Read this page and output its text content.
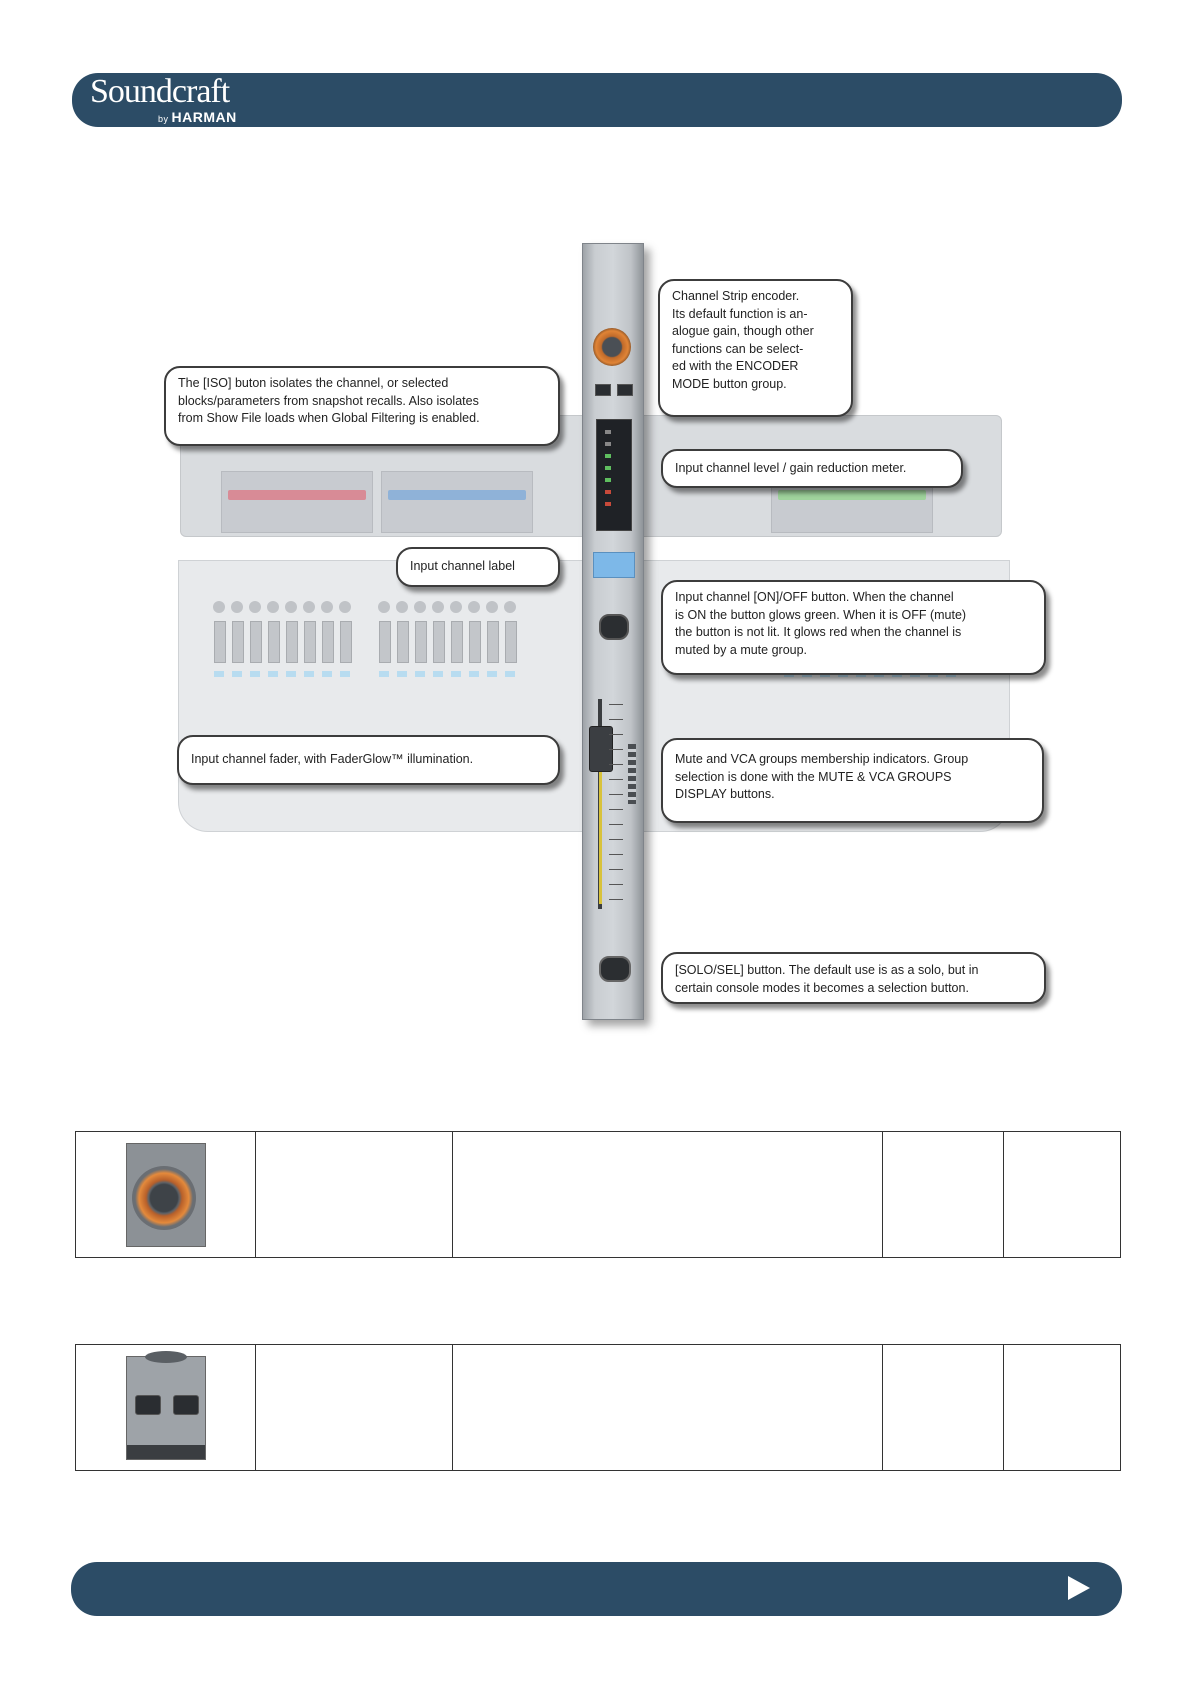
Soundcraft
by HARMAN
Channel Strip encoder.
Its default function is an-
alogue gain, though other
functions can be select-
ed with the ENCODER
MODE button group.
The [ISO] buton isolates the channel, or selected
blocks/parameters from snapshot recalls. Also isolates
from Show File loads when Global Filtering is enabled.
Input channel level / gain reduction meter.
Input channel label
Input channel [ON]/OFF button. When the channel
is ON the button glows green. When it is OFF (mute)
the button is not lit. It glows red when the channel is
muted by a mute group.
Input channel fader, with FaderGlow™ illumination.	Mute and VCA groups membership indicators. Group
selection is done with the MUTE & VCA GROUPS
DISPLAY buttons.
[SOLO/SEL] button. The default use is as a solo, but in
certain console modes it becomes a selection button.
